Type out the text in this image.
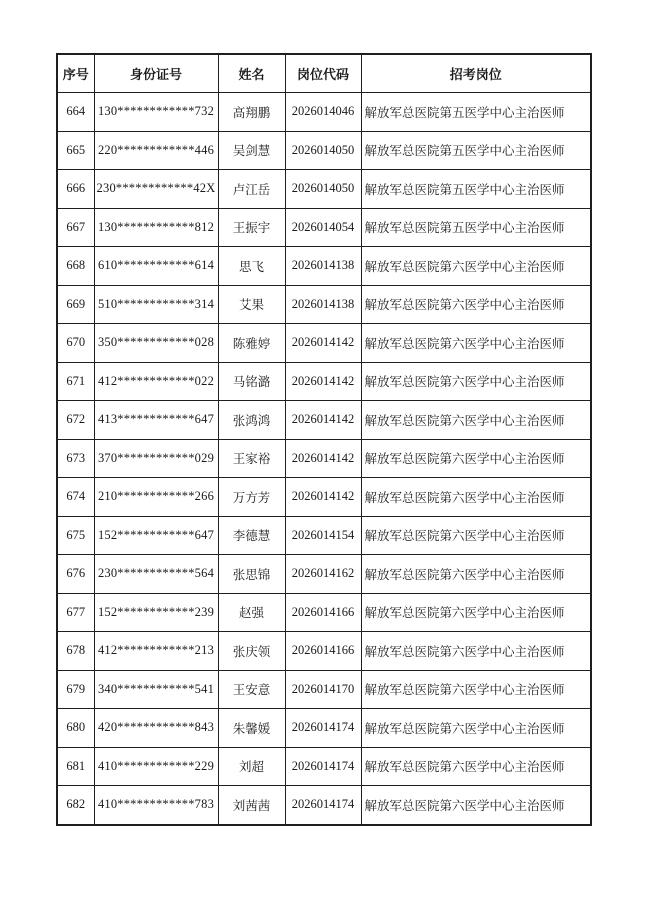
序号	身份证号	姓名	岗位代码	招考岗位
664	130************732	高翔鹏	2026014046	解放军总医院第五医学中心主治医师
665	220************446	吴剑慧	2026014050	解放军总医院第五医学中心主治医师
666	230************42X	卢江岳	2026014050	解放军总医院第五医学中心主治医师
667	130************812	王振宇	2026014054	解放军总医院第五医学中心主治医师
668	610************614	思飞	2026014138	解放军总医院第六医学中心主治医师
669	510************314	艾果	2026014138	解放军总医院第六医学中心主治医师
670	350************028	陈雅婷	2026014142	解放军总医院第六医学中心主治医师
671	412************022	马铭潞	2026014142	解放军总医院第六医学中心主治医师
672	413************647	张鸿鸿	2026014142	解放军总医院第六医学中心主治医师
673	370************029	王家裕	2026014142	解放军总医院第六医学中心主治医师
674	210************266	万方芳	2026014142	解放军总医院第六医学中心主治医师
675	152************647	李德慧	2026014154	解放军总医院第六医学中心主治医师
676	230************564	张思锦	2026014162	解放军总医院第六医学中心主治医师
677	152************239	赵强	2026014166	解放军总医院第六医学中心主治医师
678	412************213	张庆领	2026014166	解放军总医院第六医学中心主治医师
679	340************541	王安意	2026014170	解放军总医院第六医学中心主治医师
680	420************843	朱馨媛	2026014174	解放军总医院第六医学中心主治医师
681	410************229	刘超	2026014174	解放军总医院第六医学中心主治医师
682	410************783	刘茜茜	2026014174	解放军总医院第六医学中心主治医师
